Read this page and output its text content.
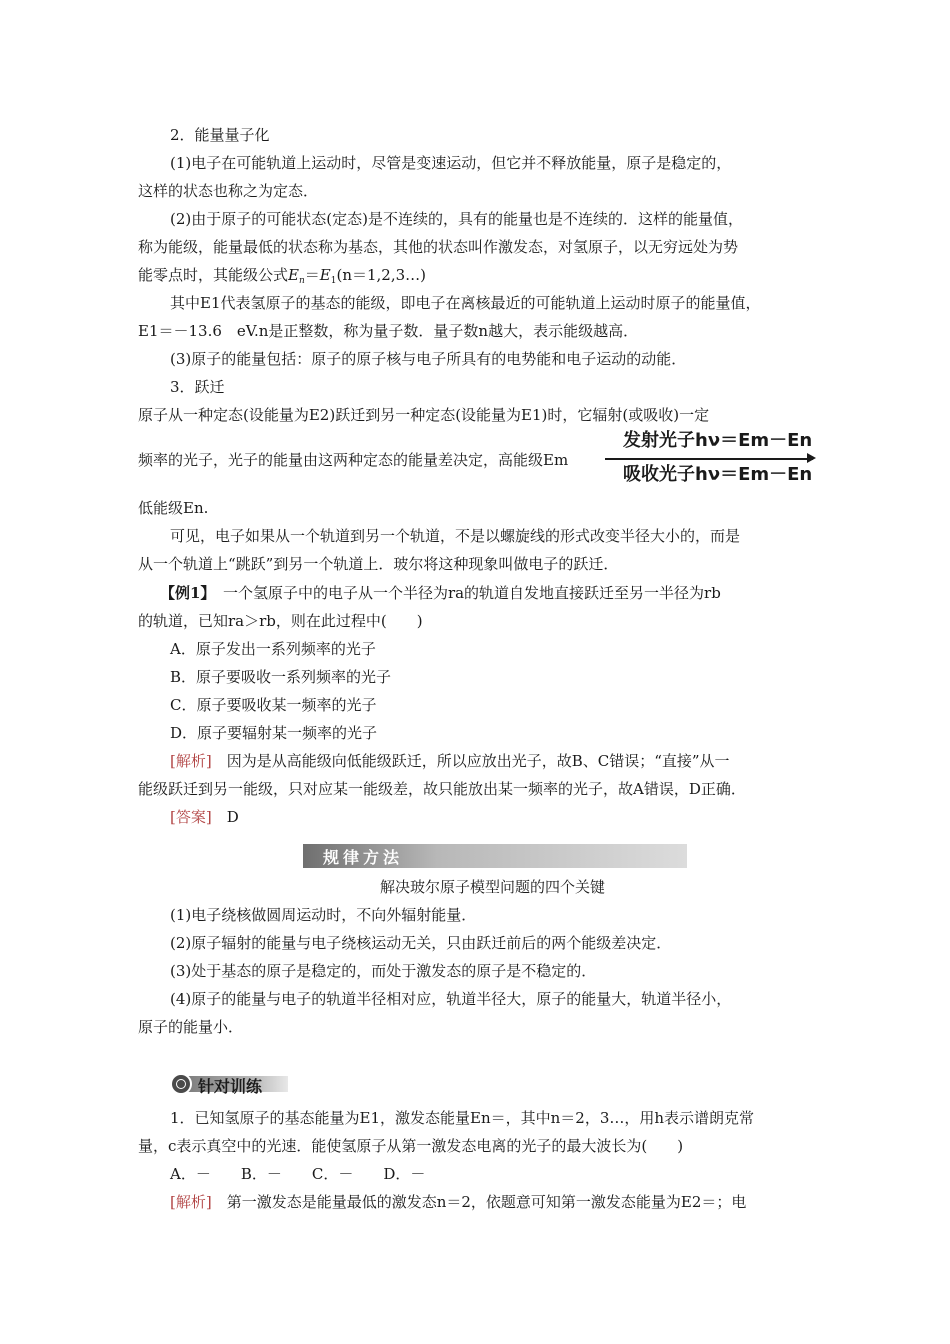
2．能量量子化
(1)电子在可能轨道上运动时，尽管是变速运动，但它并不释放能量，原子是稳定的，
这样的状态也称之为定态．
(2)由于原子的可能状态(定态)是不连续的，具有的能量也是不连续的．这样的能量值，
称为能级，能量最低的状态称为基态，其他的状态叫作激发态，对氢原子，以无穷远处为势
能零点时，其能级公式$E_n=E_1(n=1,2,3\dots)$
其中E1代表氢原子的基态的能级，即电子在离核最近的可能轨道上运动时原子的能量值，
E1＝－13.6　eV.n是正整数，称为量子数．量子数n越大，表示能级越高．
(3)原子的能量包括：原子的原子核与电子所具有的电势能和电子运动的动能．
3．跃迁
原子从一种定态(设能量为E2)跃迁到另一种定态(设能量为E1)时，它辐射(或吸收)一定
频率的光子，光子的能量由这两种定态的能量差决定，高能级Em
发射光子hν＝Em－En
吸收光子hν＝Em－En
低能级En.
可见，电子如果从一个轨道到另一个轨道，不是以螺旋线的形式改变半径大小的，而是
从一个轨道上“跳跃”到另一个轨道上．玻尔将这种现象叫做电子的跃迁．
【例1】　一个氢原子中的电子从一个半径为ra的轨道自发地直接跃迁至另一半径为rb
的轨道，已知ra＞rb，则在此过程中(　　)
A．原子发出一系列频率的光子
B．原子要吸收一系列频率的光子
C．原子要吸收某一频率的光子
D．原子要辐射某一频率的光子
[解析]　因为是从高能级向低能级跃迁，所以应放出光子，故B、C错误；“直接”从一
能级跃迁到另一能级，只对应某一能级差，故只能放出某一频率的光子，故A错误，D正确．
[答案]　D
规律方法
解决玻尔原子模型问题的四个关键
(1)电子绕核做圆周运动时，不向外辐射能量．
(2)原子辐射的能量与电子绕核运动无关，只由跃迁前后的两个能级差决定．
(3)处于基态的原子是稳定的，而处于激发态的原子是不稳定的．
(4)原子的能量与电子的轨道半径相对应，轨道半径大，原子的能量大，轨道半径小，
原子的能量小．
针对训练
1．已知氢原子的基态能量为E1，激发态能量En＝，其中n＝2，3…，用h表示谱朗克常
量，c表示真空中的光速．能使氢原子从第一激发态电离的光子的最大波长为(　　)
A．－　　B．－　　C．－　　D．－
[解析]　第一激发态是能量最低的激发态n＝2，依题意可知第一激发态能量为E2＝；电
